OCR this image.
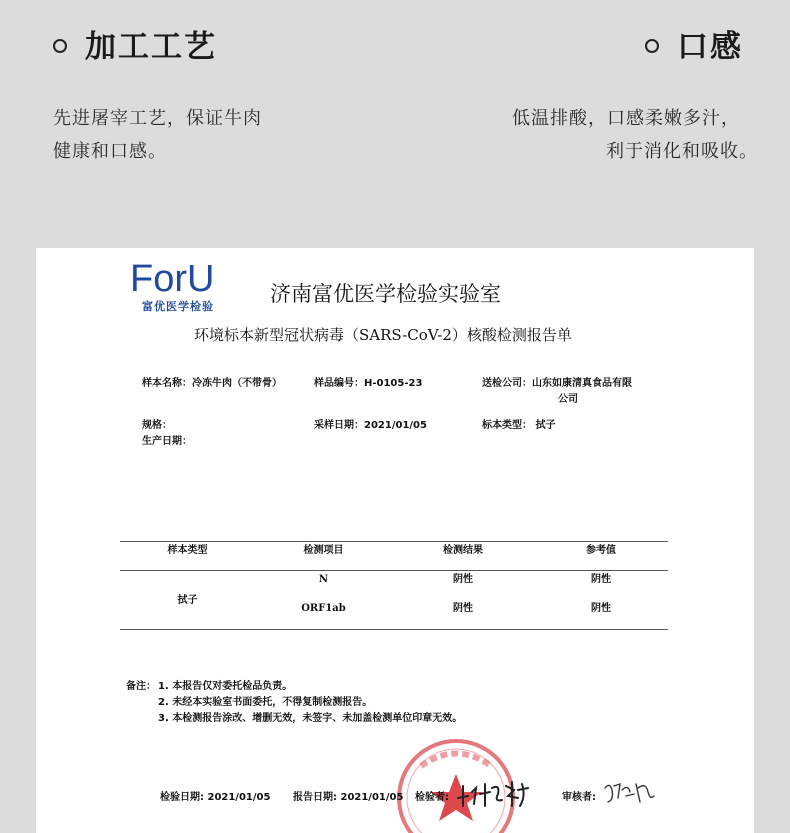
加工工艺	口感
先进屠宰工艺，保证牛肉
健康和口感。
低温排酸，口感柔嫩多汁，
利于消化和吸收。
ForU
富优医学检验
济南富优医学检验实验室
环境标本新型冠状病毒（SARS-CoV-2）核酸检测报告单
样本名称：冷冻牛肉（不带骨）	样品编号：H-0105-23	送检公司：山东如康清真食品有限
公司
规格：	采样日期：2021/01/05	标本类型： 拭子
生产日期：
样本类型	检测项目	检测结果	参考值
拭子
N	阴性	阴性
ORF1ab	阴性	阴性
备注： 1. 本报告仅对委托检品负责。
2. 未经本实验室书面委托，不得复制检测报告。
3. 本检测报告涂改、增删无效，未签字、未加盖检测单位印章无效。
检验日期: 2021/01/05 报告日期: 2021/01/05 检验者:	审核者:
